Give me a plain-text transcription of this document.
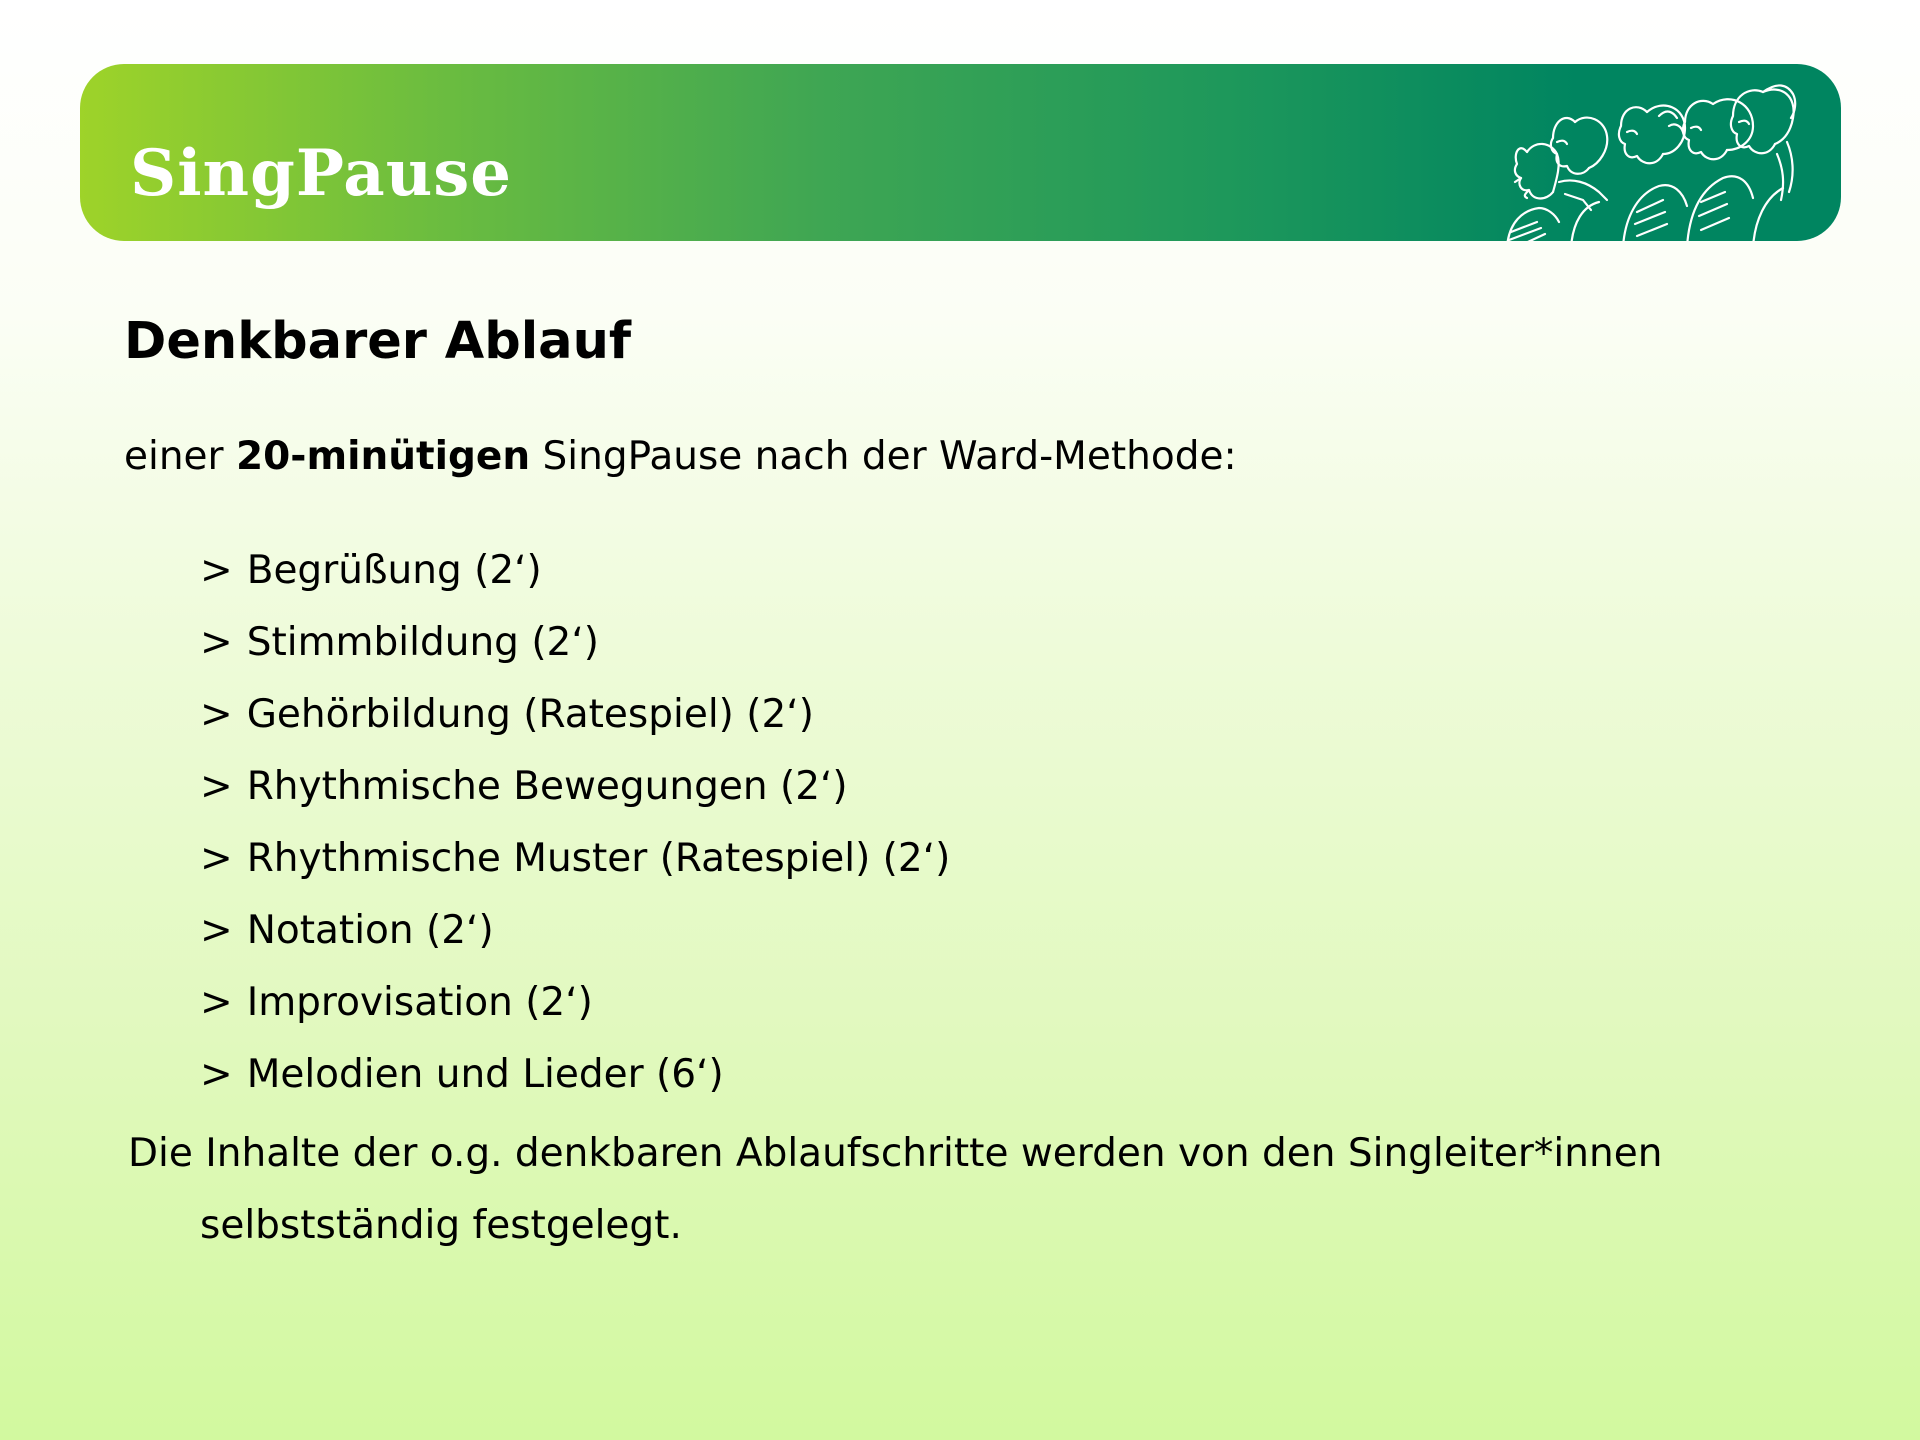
SingPause
Denkbarer Ablauf
einer 20-minütigen SingPause nach der Ward-Methode:
> Begrüßung (2‘)
> Stimmbildung (2‘)
> Gehörbildung (Ratespiel) (2‘)
> Rhythmische Bewegungen (2‘)
> Rhythmische Muster (Ratespiel) (2‘)
> Notation (2‘)
> Improvisation (2‘)
> Melodien und Lieder (6‘)
Die Inhalte der o.g. denkbaren Ablaufschritte werden von den Singleiter*innen
selbstständig festgelegt.
